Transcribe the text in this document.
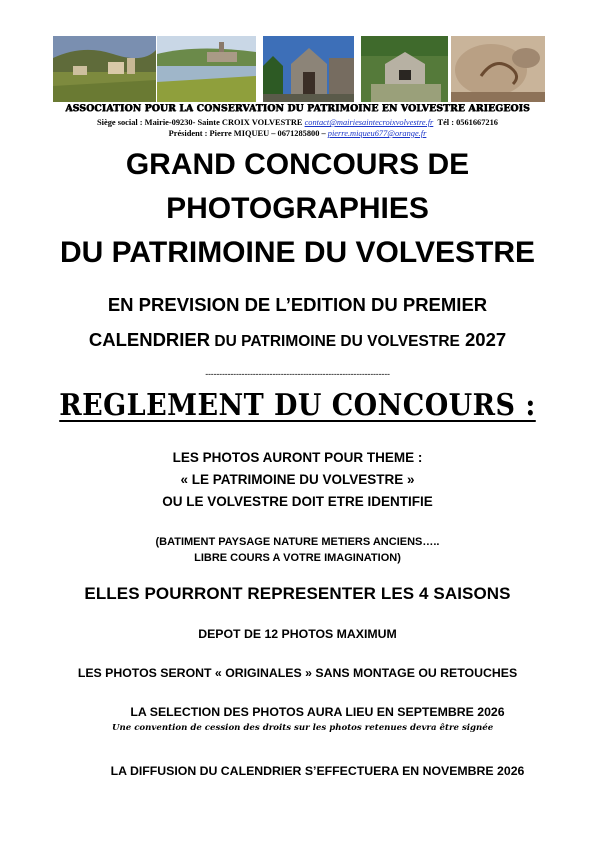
ASSOCIATION POUR LA CONSERVATION DU PATRIMOINE EN VOLVESTRE ARIEGEOIS
Siège social : Mairie-09230- Sainte CROIX VOLVESTRE contact@mairiesaintecroixvolvestre.fr Tél : 0561667216
Président : Pierre MIQUEU – 0671285800 – pierre.miqueu677@orange.fr
GRAND CONCOURS DE
PHOTOGRAPHIES
DU PATRIMOINE DU VOLVESTRE
EN PREVISION DE L’EDITION DU PREMIER
CALENDRIER DU PATRIMOINE DU VOLVESTRE 2027
------------------------------------------------------------------
REGLEMENT DU CONCOURS :
LES PHOTOS AURONT POUR THEME :
« LE PATRIMOINE DU VOLVESTRE »
OU LE VOLVESTRE DOIT ETRE IDENTIFIE
(BATIMENT PAYSAGE NATURE METIERS ANCIENS…..
LIBRE COURS A VOTRE IMAGINATION)
ELLES POURRONT REPRESENTER LES 4 SAISONS
DEPOT DE 12 PHOTOS MAXIMUM
LES PHOTOS SERONT « ORIGINALES » SANS MONTAGE OU RETOUCHES
LA SELECTION DES PHOTOS AURA LIEU EN SEPTEMBRE 2026
Une convention de cession des droits sur les photos retenues devra être signée
LA DIFFUSION DU CALENDRIER S’EFFECTUERA EN NOVEMBRE 2026
